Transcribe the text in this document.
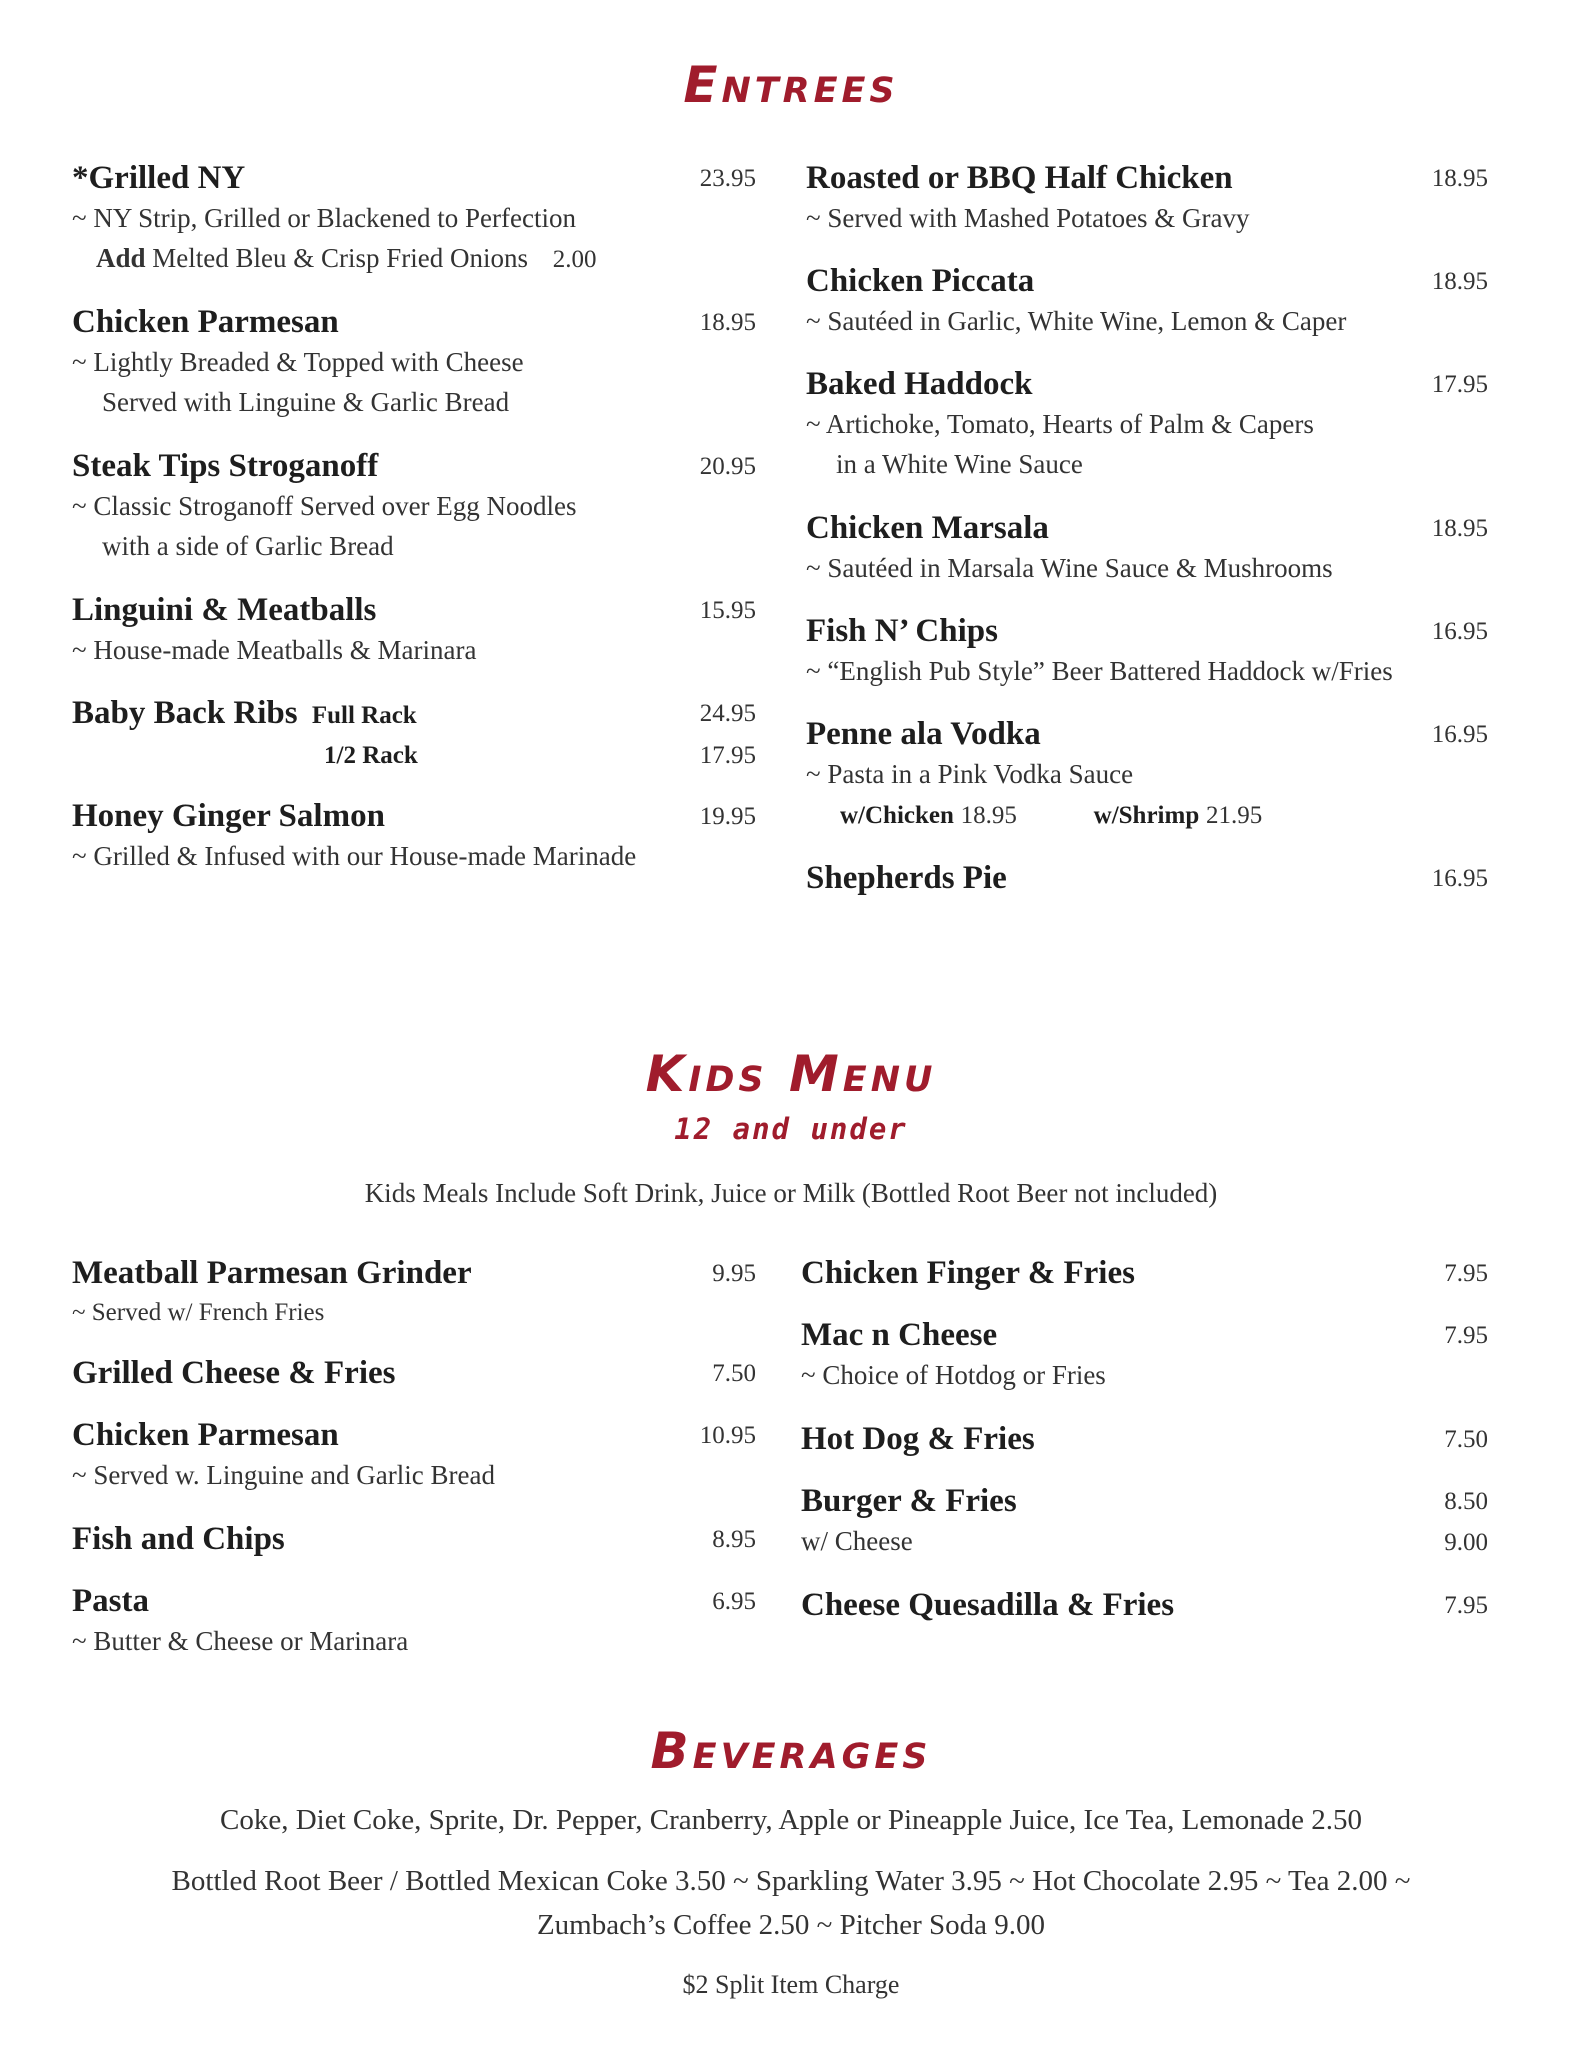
Entrees
*Grilled NY	23.95
~ NY Strip, Grilled or Blackened to Perfection
Add Melted Bleu & Crisp Fried Onions 2.00
Chicken Parmesan	18.95
~ Lightly Breaded & Topped with Cheese
Served with Linguine & Garlic Bread
Steak Tips Stroganoff	20.95
~ Classic Stroganoff Served over Egg Noodles
with a side of Garlic Bread
Linguini & Meatballs	15.95
~ House-made Meatballs & Marinara
Baby Back Ribs Full Rack	24.95
1/2 Rack	17.95
Honey Ginger Salmon	19.95
~ Grilled & Infused with our House-made Marinade
Roasted or BBQ Half Chicken	18.95
~ Served with Mashed Potatoes & Gravy
Chicken Piccata	18.95
~ Sautéed in Garlic, White Wine, Lemon & Caper
Baked Haddock	17.95
~ Artichoke, Tomato, Hearts of Palm & Capers
in a White Wine Sauce
Chicken Marsala	18.95
~ Sautéed in Marsala Wine Sauce & Mushrooms
Fish N’ Chips	16.95
~ “English Pub Style” Beer Battered Haddock w/Fries
Penne ala Vodka	16.95
~ Pasta in a Pink Vodka Sauce
w/Chicken 18.95	w/Shrimp 21.95
Shepherds Pie	16.95
Kids Menu
12 and under
Kids Meals Include Soft Drink, Juice or Milk (Bottled Root Beer not included)
Meatball Parmesan Grinder	9.95
~ Served w/ French Fries
Grilled Cheese & Fries	7.50
Chicken Parmesan	10.95
~ Served w. Linguine and Garlic Bread
Fish and Chips	8.95
Pasta	6.95
~ Butter & Cheese or Marinara
Chicken Finger & Fries	7.95
Mac n Cheese	7.95
~ Choice of Hotdog or Fries
Hot Dog & Fries	7.50
Burger & Fries	8.50
w/ Cheese	9.00
Cheese Quesadilla & Fries	7.95
Beverages
Coke, Diet Coke, Sprite, Dr. Pepper, Cranberry, Apple or Pineapple Juice, Ice Tea, Lemonade 2.50
Bottled Root Beer / Bottled Mexican Coke 3.50 ~ Sparkling Water 3.95 ~ Hot Chocolate 2.95 ~ Tea 2.00 ~
Zumbach’s Coffee 2.50 ~ Pitcher Soda 9.00
$2 Split Item Charge
